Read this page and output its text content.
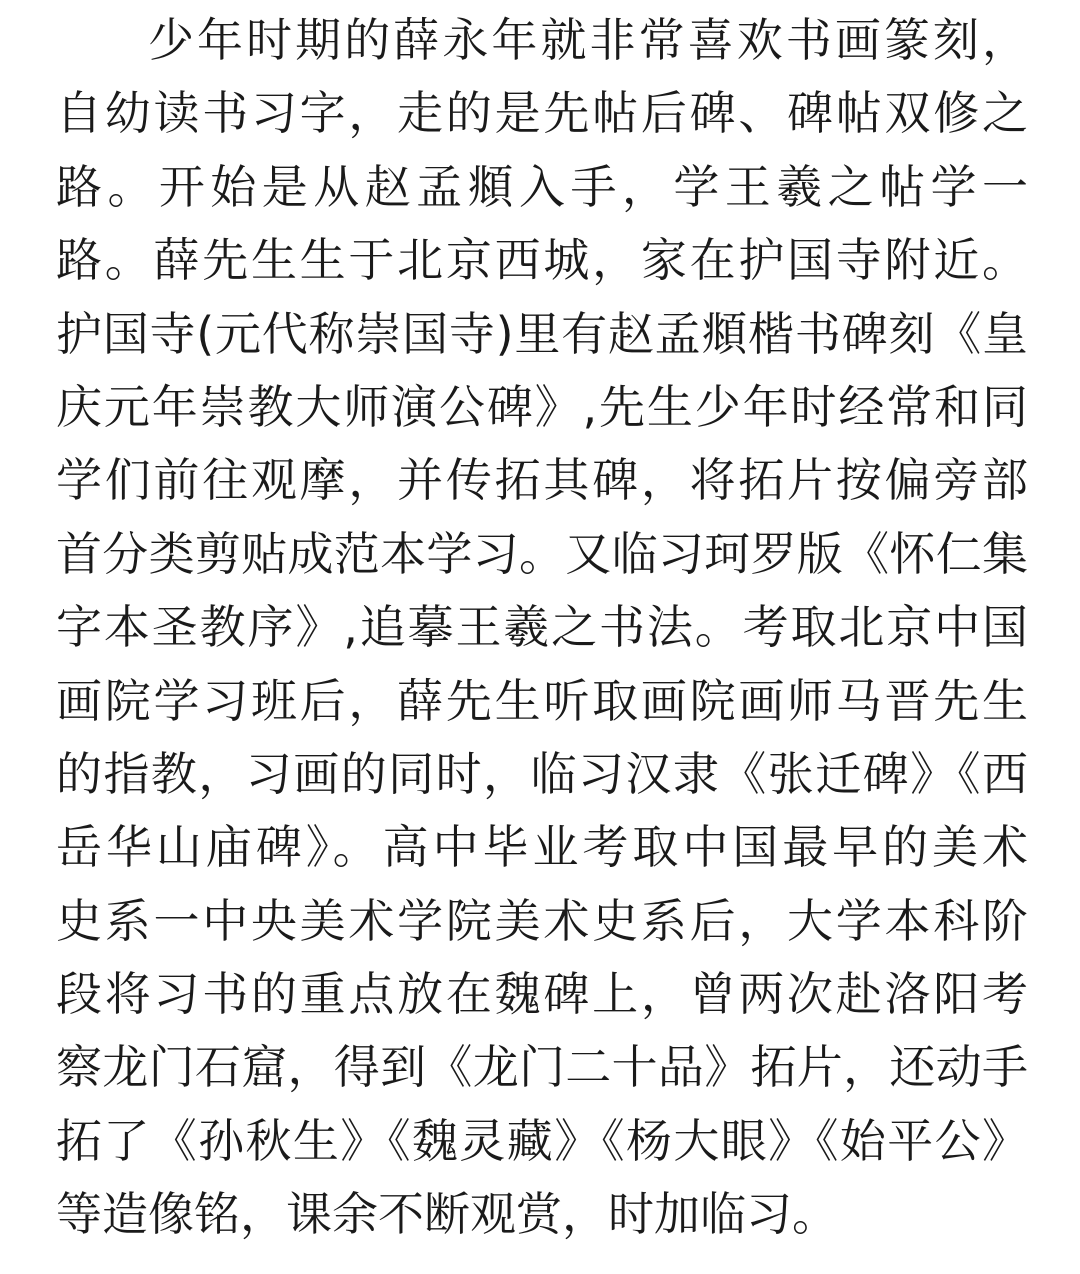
少年时期的薛永年就非常喜欢书画篆刻，

自幼读书习字，走的是先帖后碑、碑帖双修之

路。开始是从赵孟頫入手，学王羲之帖学一

路。薛先生生于北京西城，家在护国寺附近。

护国寺(元代称崇国寺)里有赵孟頫楷书碑刻《皇

庆元年崇教大师演公碑》,先生少年时经常和同

学们前往观摩，并传拓其碑，将拓片按偏旁部

首分类剪贴成范本学习。又临习珂罗版《怀仁集

字本圣教序》,追摹王羲之书法。考取北京中国

画院学习班后，薛先生听取画院画师马晋先生

的指教，习画的同时，临习汉隶《张迁碑》《西

岳华山庙碑》。高中毕业考取中国最早的美术

史系一中央美术学院美术史系后，大学本科阶

段将习书的重点放在魏碑上，曾两次赴洛阳考

察龙门石窟，得到《龙门二十品》拓片，还动手

拓了《孙秋生》《魏灵藏》《杨大眼》《始平公》

等造像铭，课余不断观赏，时加临习。
